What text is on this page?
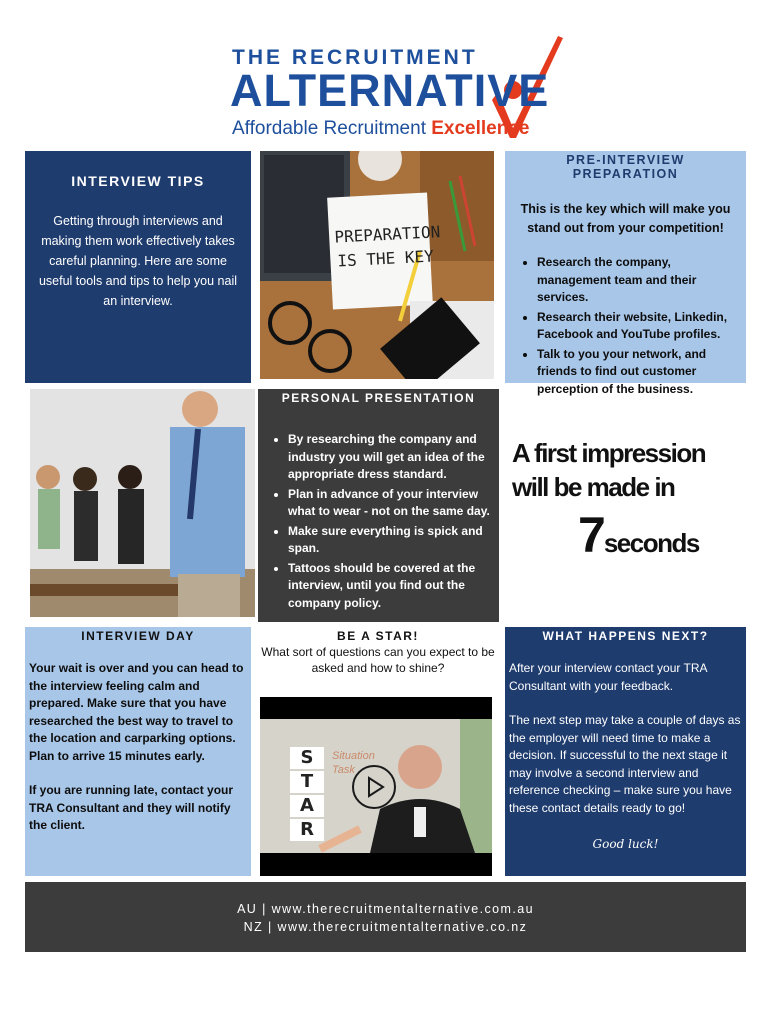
THE RECRUITMENT
ALTERNATIVE
Affordable Recruitment Excellence
INTERVIEW TIPS

Getting through interviews and making them work effectively takes careful planning. Here are some useful tools and tips to help you nail an interview.

PREPARATION
IS THE KEY
PRE-INTERVIEW PREPARATION

This is the key which will make you stand out from your competition!

• Research the company, management team and their services.
• Research their website, Linkedin, Facebook and YouTube profiles.
• Talk to you your network, and friends to find out customer perception of the business.
PERSONAL PRESENTATION
• By researching the company and industry you will get an idea of the appropriate dress standard.
• Plan in advance of your interview what to wear - not on the same day.
• Make sure everything is spick and span.
• Tattoos should be covered at the interview, until you find out the company policy.
A first impression
will be made in
7seconds
INTERVIEW DAY

Your wait is over and you can head to the interview feeling calm and prepared. Make sure that you have researched the best way to travel to the location and carparking options. Plan to arrive 15 minutes early.

If you are running late, contact your TRA Consultant and they will notify the client.

BE A STAR!

What sort of questions can you expect to be asked and how to shine?

S
T
A
R
Situation
Task
WHAT HAPPENS NEXT?

After your interview contact your TRA Consultant with your feedback.

The next step may take a couple of days as the employer will need time to make a decision. If successful to the next stage it may involve a second interview and reference checking – make sure you have these contact details ready to go!

Good luck!

AU | www.therecruitmentalternative.com.au
NZ | www.therecruitmentalternative.co.nz
